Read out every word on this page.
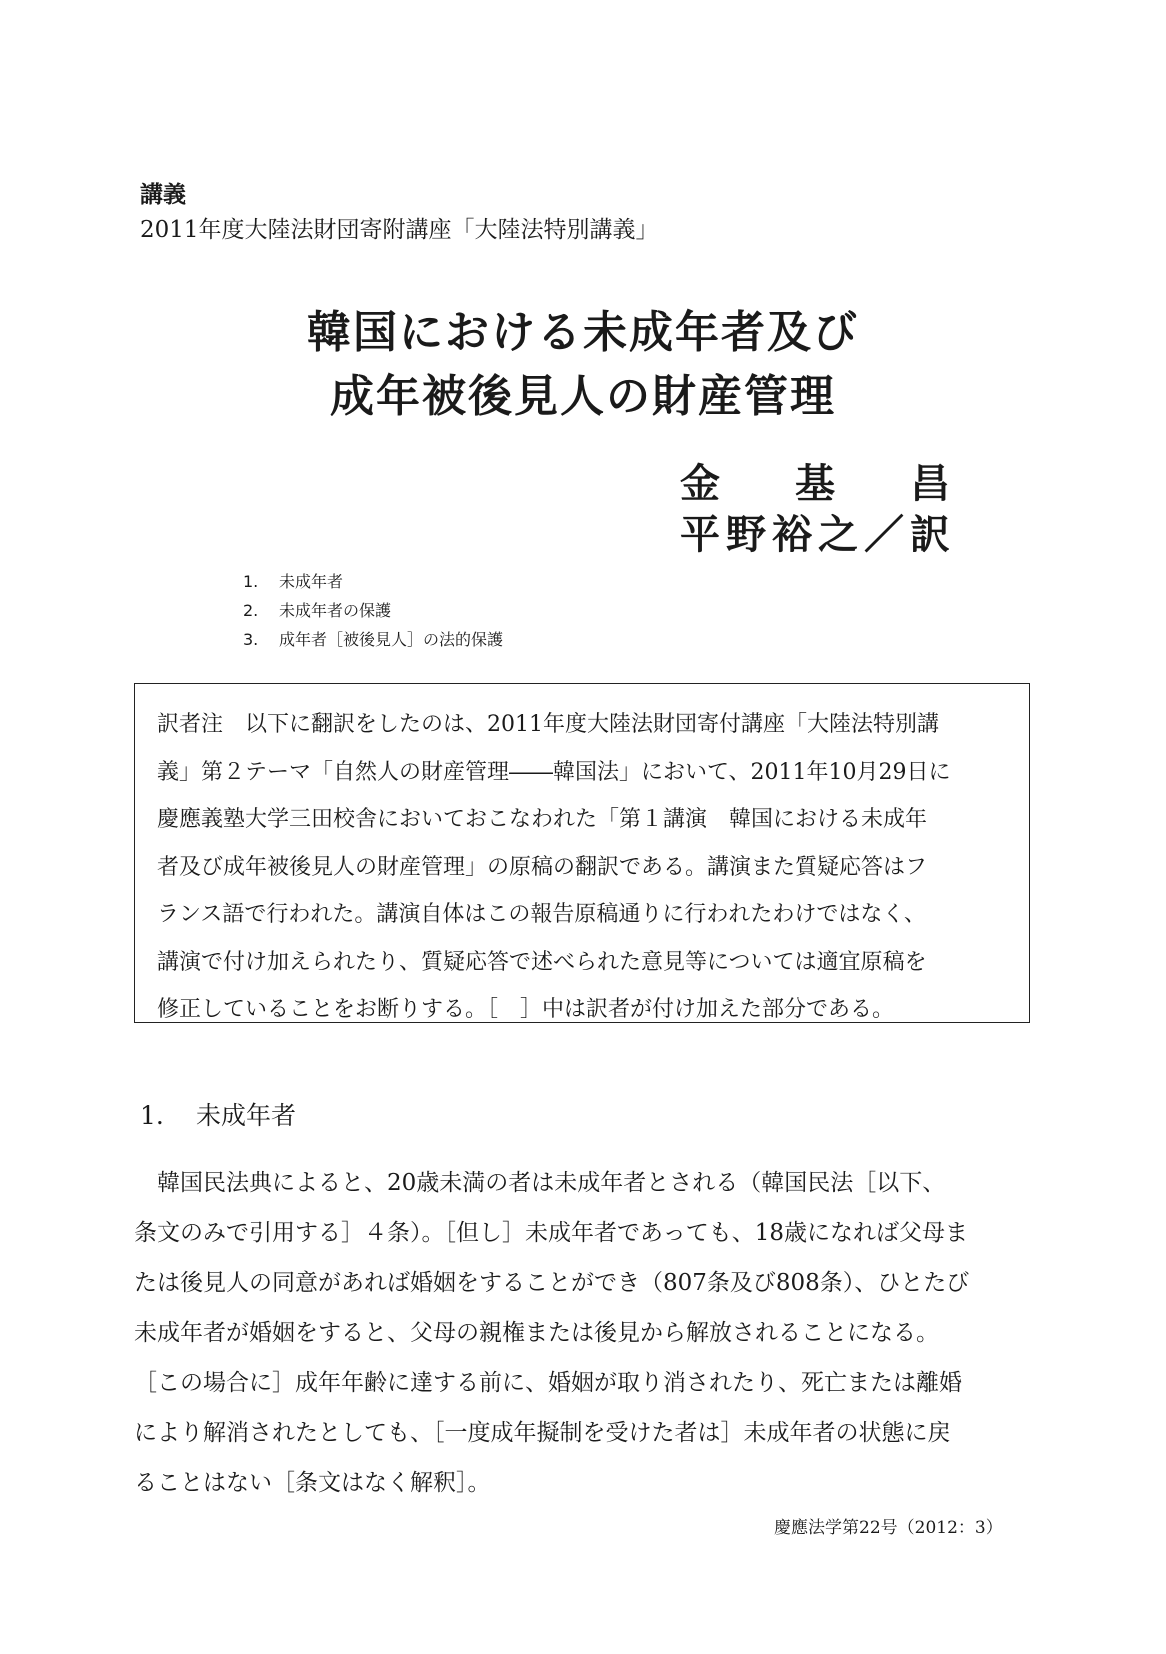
講義
2011年度大陸法財団寄附講座「大陸法特別講義」
韓国における未成年者及び
成年被後見人の財産管理
金 基 昌
平野裕之／訳
1. 未成年者
2. 未成年者の保護
3. 成年者［被後見人］の法的保護
訳者注　以下に翻訳をしたのは、2011年度大陸法財団寄付講座「大陸法特別講
義」第２テーマ「自然人の財産管理――韓国法」において、2011年10月29日に
慶應義塾大学三田校舎においておこなわれた「第１講演　韓国における未成年
者及び成年被後見人の財産管理」の原稿の翻訳である。講演また質疑応答はフ
ランス語で行われた。講演自体はこの報告原稿通りに行われたわけではなく、
講演で付け加えられたり、質疑応答で述べられた意見等については適宜原稿を
修正していることをお断りする。［　］中は訳者が付け加えた部分である。
1. 未成年者
　韓国民法典によると、20歳未満の者は未成年者とされる（韓国民法［以下、
条文のみで引用する］４条）。［但し］未成年者であっても、18歳になれば父母ま
たは後見人の同意があれば婚姻をすることができ（807条及び808条）、ひとたび
未成年者が婚姻をすると、父母の親権または後見から解放されることになる。
［この場合に］成年年齢に達する前に、婚姻が取り消されたり、死亡または離婚
により解消されたとしても、［一度成年擬制を受けた者は］未成年者の状態に戻
ることはない［条文はなく解釈］。
慶應法学第22号（2012：3）
